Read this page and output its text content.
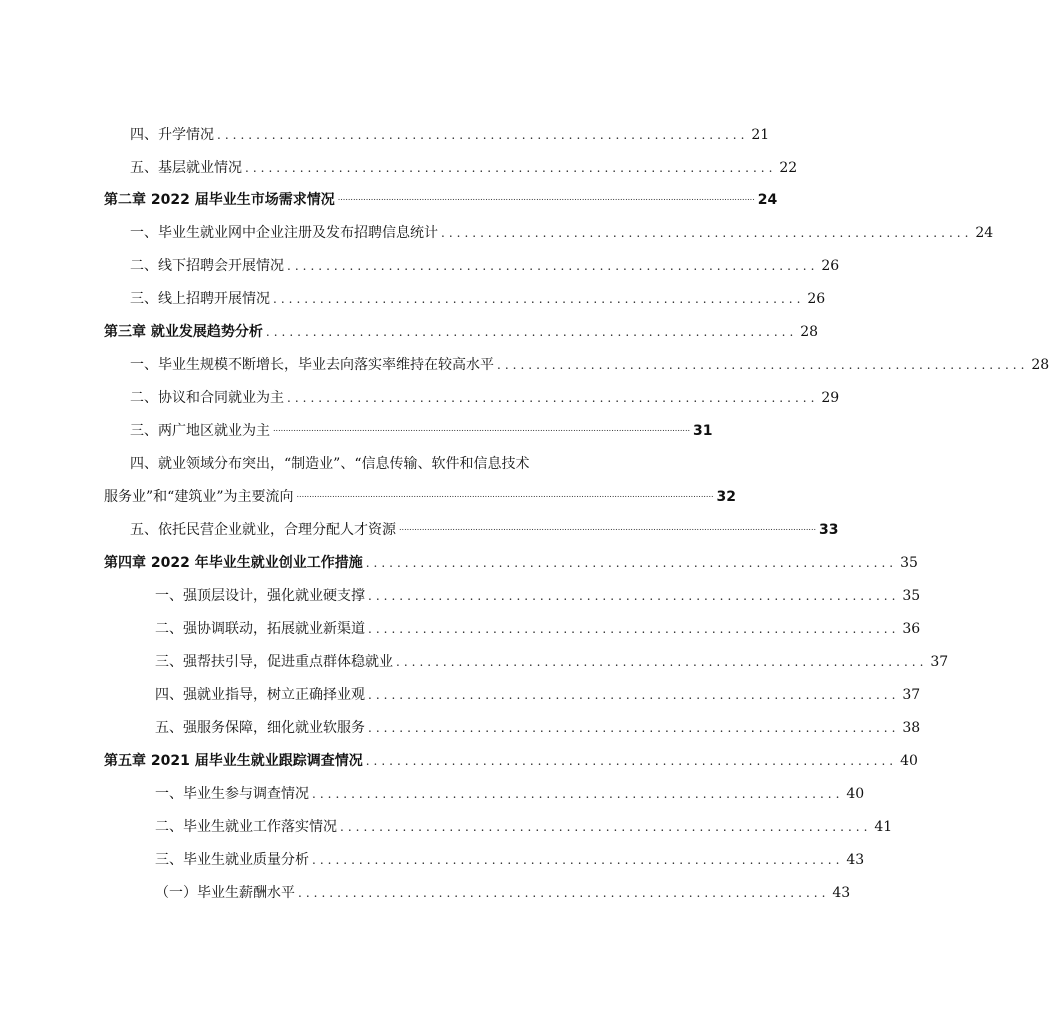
四、升学情况 .................................................................... 21
五、基层就业情况 .................................................................... 22
第二章 2022 届毕业生市场需求情况 .................................................................................................................................................................... 24
一、毕业生就业网中企业注册及发布招聘信息统计 .................................................................... 24
二、线下招聘会开展情况 .................................................................... 26
三、线上招聘开展情况 .................................................................... 26
第三章 就业发展趋势分析 .................................................................... 28
一、毕业生规模不断增长，毕业去向落实率维持在较高水平 .................................................................... 28
二、协议和合同就业为主 .................................................................... 29
三、两广地区就业为主 .................................................................................................................................................................... 31
四、就业领域分布突出，“制造业”、“信息传输、软件和信息技术
服务业”和“建筑业”为主要流向 .................................................................................................................................................................... 32
五、依托民营企业就业，合理分配人才资源 .................................................................................................................................................................... 33
第四章 2022 年毕业生就业创业工作措施 .................................................................... 35
一、强顶层设计，强化就业硬支撑 .................................................................... 35
二、强协调联动，拓展就业新渠道 .................................................................... 36
三、强帮扶引导，促进重点群体稳就业 .................................................................... 37
四、强就业指导，树立正确择业观 .................................................................... 37
五、强服务保障，细化就业软服务 .................................................................... 38
第五章 2021 届毕业生就业跟踪调查情况 .................................................................... 40
一、毕业生参与调查情况 .................................................................... 40
二、毕业生就业工作落实情况 .................................................................... 41
三、毕业生就业质量分析 .................................................................... 43
（一）毕业生薪酬水平 .................................................................... 43
